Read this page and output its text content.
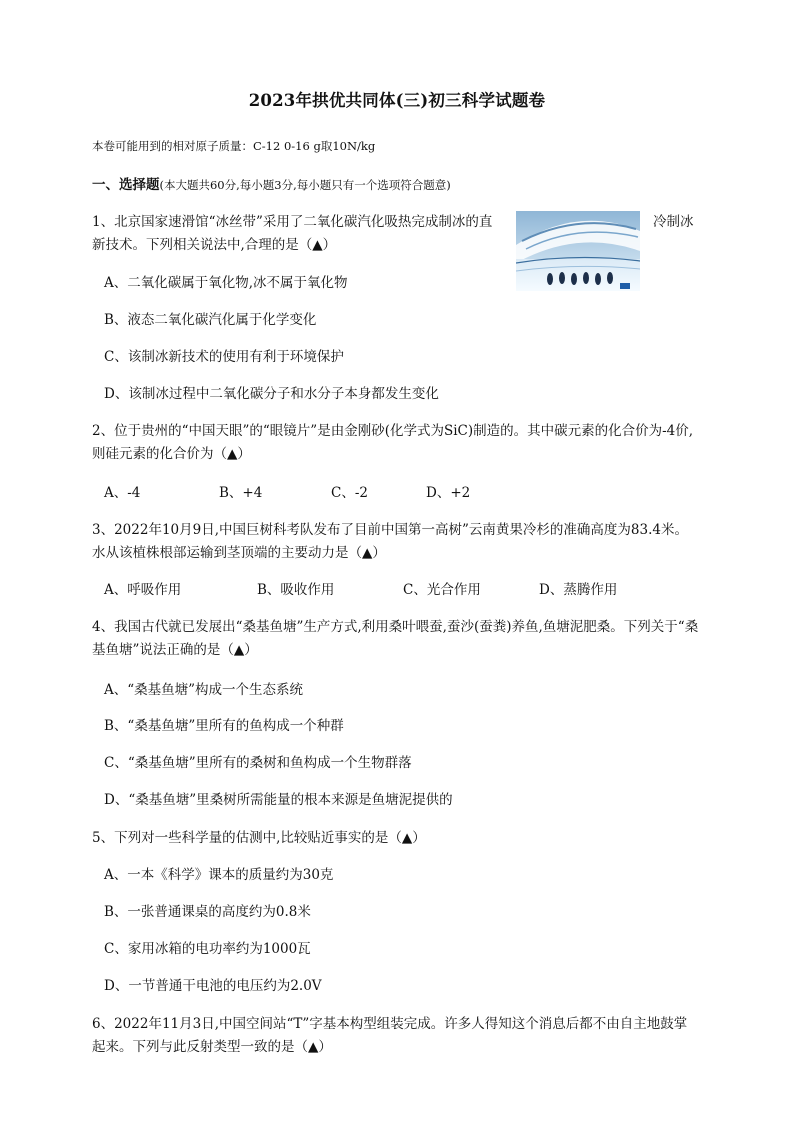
2023年拱优共同体(三)初三科学试题卷
本卷可能用到的相对原子质量：C-12 0-16 g取10N/kg
一、选择题(本大题共60分,每小题3分,每小题只有一个选项符合题意)
1、北京国家速滑馆“冰丝带”采用了二氧化碳汽化吸热完成制冰的直	冷制冰
新技术。下列相关说法中,合理的是（▲）
A、二氧化碳属于氧化物,冰不属于氧化物
B、液态二氧化碳汽化属于化学变化
C、该制冰新技术的使用有利于环境保护
D、该制冰过程中二氧化碳分子和水分子本身都发生变化
2、位于贵州的“中国天眼”的“眼镜片”是由金刚砂(化学式为SiC)制造的。其中碳元素的化合价为-4价,
则硅元素的化合价为（▲）
A、-4	B、+4	C、-2	D、+2
3、2022年10月9日,中国巨树科考队发布了目前中国第一高树”云南黄果冷杉的准确高度为83.4米。
水从该植株根部运输到茎顶端的主要动力是（▲）
A、呼吸作用	B、吸收作用	C、光合作用	D、蒸腾作用
4、我国古代就已发展出“桑基鱼塘”生产方式,利用桑叶喂蚕,蚕沙(蚕粪)养鱼,鱼塘泥肥桑。下列关于“桑
基鱼塘”说法正确的是（▲）
A、“桑基鱼塘”构成一个生态系统
B、“桑基鱼塘”里所有的鱼构成一个种群
C、“桑基鱼塘”里所有的桑树和鱼构成一个生物群落
D、“桑基鱼塘”里桑树所需能量的根本来源是鱼塘泥提供的
5、下列对一些科学量的估测中,比较贴近事实的是（▲）
A、一本《科学》课本的质量约为30克
B、一张普通课桌的高度约为0.8米
C、家用冰箱的电功率约为1000瓦
D、一节普通干电池的电压约为2.0V
6、2022年11月3日,中国空间站“T”字基本构型组装完成。许多人得知这个消息后都不由自主地鼓掌
起来。下列与此反射类型一致的是（▲）
